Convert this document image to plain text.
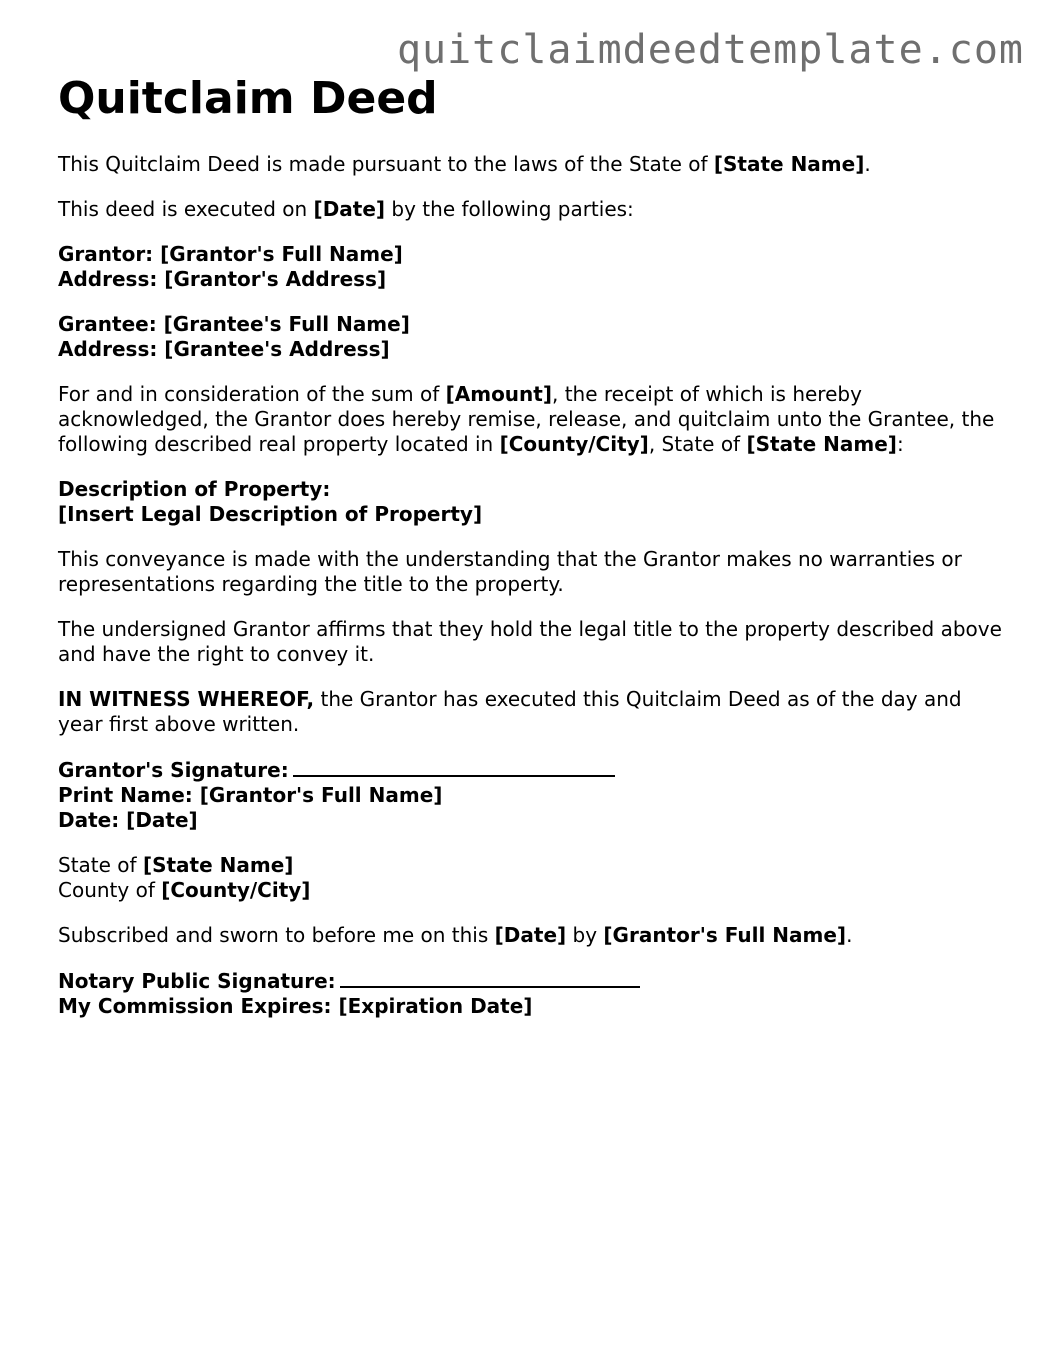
quitclaimdeedtemplate.com
Quitclaim Deed
This Quitclaim Deed is made pursuant to the laws of the State of [State Name].
This deed is executed on [Date] by the following parties:
Grantor: [Grantor's Full Name]
Address: [Grantor's Address]
Grantee: [Grantee's Full Name]
Address: [Grantee's Address]
For and in consideration of the sum of [Amount], the receipt of which is hereby acknowledged, the Grantor does hereby remise, release, and quitclaim unto the Grantee, the following described real property located in [County/City], State of [State Name]:
Description of Property:
[Insert Legal Description of Property]
This conveyance is made with the understanding that the Grantor makes no warranties or representations regarding the title to the property.
The undersigned Grantor affirms that they hold the legal title to the property described above and have the right to convey it.
IN WITNESS WHEREOF, the Grantor has executed this Quitclaim Deed as of the day and year first above written.
Grantor's Signature:
Print Name: [Grantor's Full Name]
Date: [Date]
State of [State Name]
County of [County/City]
Subscribed and sworn to before me on this [Date] by [Grantor's Full Name].
Notary Public Signature:
My Commission Expires: [Expiration Date]
